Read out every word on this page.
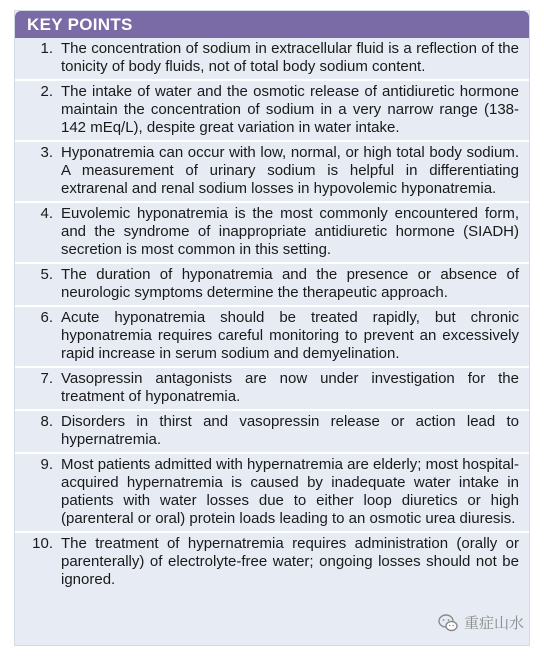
KEY POINTS
1. The concentration of sodium in extracellular fluid is a reflection of the tonicity of body fluids, not of total body sodium content.
2. The intake of water and the osmotic release of antidiuretic hormone maintain the concentration of sodium in a very narrow range (138-142 mEq/L), despite great variation in water intake.
3. Hyponatremia can occur with low, normal, or high total body sodium. A measurement of urinary sodium is helpful in differentiating extrarenal and renal sodium losses in hypovolemic hyponatremia.
4. Euvolemic hyponatremia is the most commonly encountered form, and the syndrome of inappropriate antidiuretic hormone (SIADH) secretion is most common in this setting.
5. The duration of hyponatremia and the presence or absence of neurologic symptoms determine the therapeutic approach.
6. Acute hyponatremia should be treated rapidly, but chronic hyponatremia requires careful monitoring to prevent an excessively rapid increase in serum sodium and demyelination.
7. Vasopressin antagonists are now under investigation for the treatment of hyponatremia.
8. Disorders in thirst and vasopressin release or action lead to hypernatremia.
9. Most patients admitted with hypernatremia are elderly; most hospital-acquired hypernatremia is caused by inadequate water intake in patients with water losses due to either loop diuretics or high (parenteral or oral) protein loads leading to an osmotic urea diuresis.
10. The treatment of hypernatremia requires administration (orally or parenterally) of electrolyte-free water; ongoing losses should not be ignored.
重症山水
